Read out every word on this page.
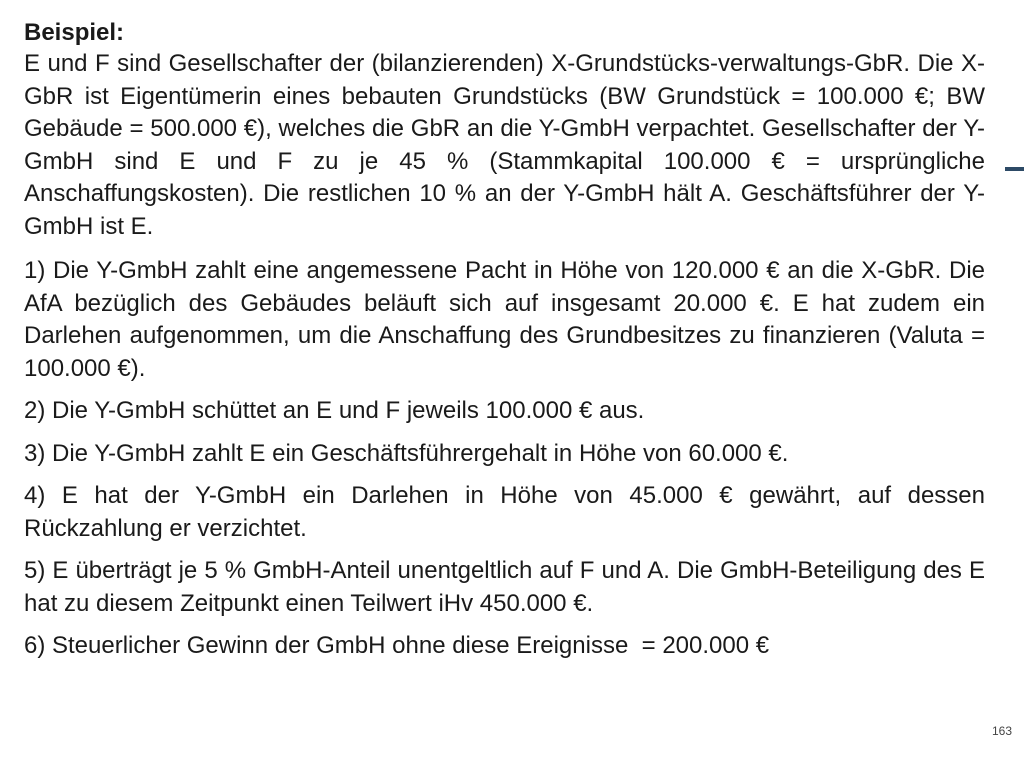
Beispiel:

E und F sind Gesellschafter der (bilanzierenden) X-Grundstücks-verwaltungs-GbR. Die X-GbR ist Eigentümerin eines bebauten Grundstücks (BW Grundstück = 100.000 €; BW Gebäude = 500.000 €), welches die GbR an die Y-GmbH verpachtet. Gesellschafter der Y-GmbH sind E und F zu je 45 % (Stammkapital 100.000 € = ursprüngliche Anschaffungskosten). Die restlichen 10 % an der Y-GmbH hält A. Geschäftsführer der Y-GmbH ist E.

1) Die Y-GmbH zahlt eine angemessene Pacht in Höhe von 120.000 € an die X-GbR. Die AfA bezüglich des Gebäudes beläuft sich auf insgesamt 20.000 €. E hat zudem ein Darlehen aufgenommen, um die Anschaffung des Grundbesitzes zu finanzieren (Valuta = 100.000 €).

2) Die Y-GmbH schüttet an E und F jeweils 100.000 € aus.

3) Die Y-GmbH zahlt E ein Geschäftsführergehalt in Höhe von 60.000 €.

4) E hat der Y-GmbH ein Darlehen in Höhe von 45.000 € gewährt, auf dessen Rückzahlung er verzichtet.

5) E überträgt je 5 % GmbH-Anteil unentgeltlich auf F und A. Die GmbH-Beteiligung des E hat zu diesem Zeitpunkt einen Teilwert iHv 450.000 €.

6) Steuerlicher Gewinn der GmbH ohne diese Ereignisse  = 200.000 €

163
